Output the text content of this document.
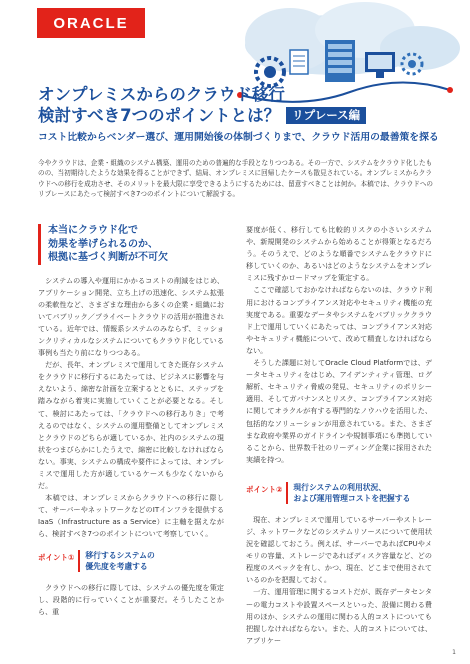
ORACLE
オンプレミスからのクラウド移行
検討すべき7つのポイントとは？ リプレース編
コスト比較からベンダー選び、運用開始後の体制づくりまで、クラウド活用の最善策を探る
今やクラウドは、企業・組織のシステム構築、運用のための普遍的な手段となりつつある。その一方で、システムをクラウド化したものの、当初期待したような効果を得ることができず、結局、オンプレミスに回帰したケースも散見されている。オンプレミスからクラウドへの移行を成功させ、そのメリットを最大限に享受できるようにするためには、留意すべきことは何か。本稿では、クラウドへのリプレースにあたって検討すべき7つのポイントについて解説する。
本当にクラウド化で
効果を挙げられるのか、
根拠に基づく判断が不可欠

システムの導入や運用にかかるコストの削減をはじめ、アプリケーション開発、立ち上げの迅速化、システム拡張の柔軟性など、さまざまな理由から多くの企業・組織においてパブリック／プライベートクラウドの活用が推進されている。近年では、情報系システムのみならず、ミッションクリティカルなシステムについてもクラウド化している事例も当たり前になりつつある。

だが、長年、オンプレミスで運用してきた既存システムをクラウドに移行するにあたっては、ビジネスに影響を与えないよう、綿密な計画を立案するとともに、ステップを踏みながら着実に実施していくことが必要となる。そして、検討にあたっては、「クラウドへの移行ありき」で考えるのではなく、システムの運用整備としてオンプレミスとクラウドのどちらが適しているか、社内のシステムの現状をつまびらかにしたうえで、綿密に比較しなければならない。事実、システムの構成や要件によっては、オンプレミスで運用した方が適しているケースも少なくないからだ。

本稿では、オンプレミスからクラウドへの移行に際して、サーバーやネットワークなどのITインフラを提供するIaaS（Infrastructure as a Service）に主軸を据えながら、検討すべき7つのポイントについて考察していく。

ポイント①	移行するシステムの
優先度を考慮する

クラウドへの移行に際しては、システムの優先度を策定し、段階的に行っていくことが重要だ。そうしたことから、重

要度が低く、移行しても比較的リスクの小さいシステムや、新規開発のシステムから始めることが得策となるだろう。そのうえで、どのような順番でシステムをクラウドに移していくのか、あるいはどのようなシステムをオンプレミスに残すかロードマップを策定する。

ここで確認しておかなければならないのは、クラウド利用におけるコンプライアンス対応やセキュリティ機能の充実度である。重要なデータやシステムをパブリッククラウド上で運用していくにあたっては、コンプライアンス対応やセキュリティ機能について、改めて精査しなければならない。

そうした課題に対してOracle Cloud Platformでは、データセキュリティをはじめ、アイデンティティ管理、ログ解析、セキュリティ脅威の発見、セキュリティのポリシー適用、そしてガバナンスとリスク、コンプライアンス対応に関してオラクルが有する専門的なノウハウを活用した、包括的なソリューションが用意されている。また、さまざまな政府や業界のガイドラインや規制事項にも準拠していることから、世界数千社のリーディング企業に採用された実績を持つ。

ポイント②	現行システムの利用状況、
および運用管理コストを把握する

現在、オンプレミスで運用しているサーバーやストレージ、ネットワークなどのシステムリソースについて使用状況を確認しておこう。例えば、サーバーであればCPUやメモリの容量、ストレージであればディスク容量など、どの程度のスペックを有し、かつ、現在、どこまで使用されているのかを把握しておく。

一方、運用管理に関するコストだが、既存データセンターの電力コストや設置スペースといった、設備に関わる費用のほか、システムの運用に関わる人的コストについても把握しなければならない。また、人的コストについては、アプリケー

1
